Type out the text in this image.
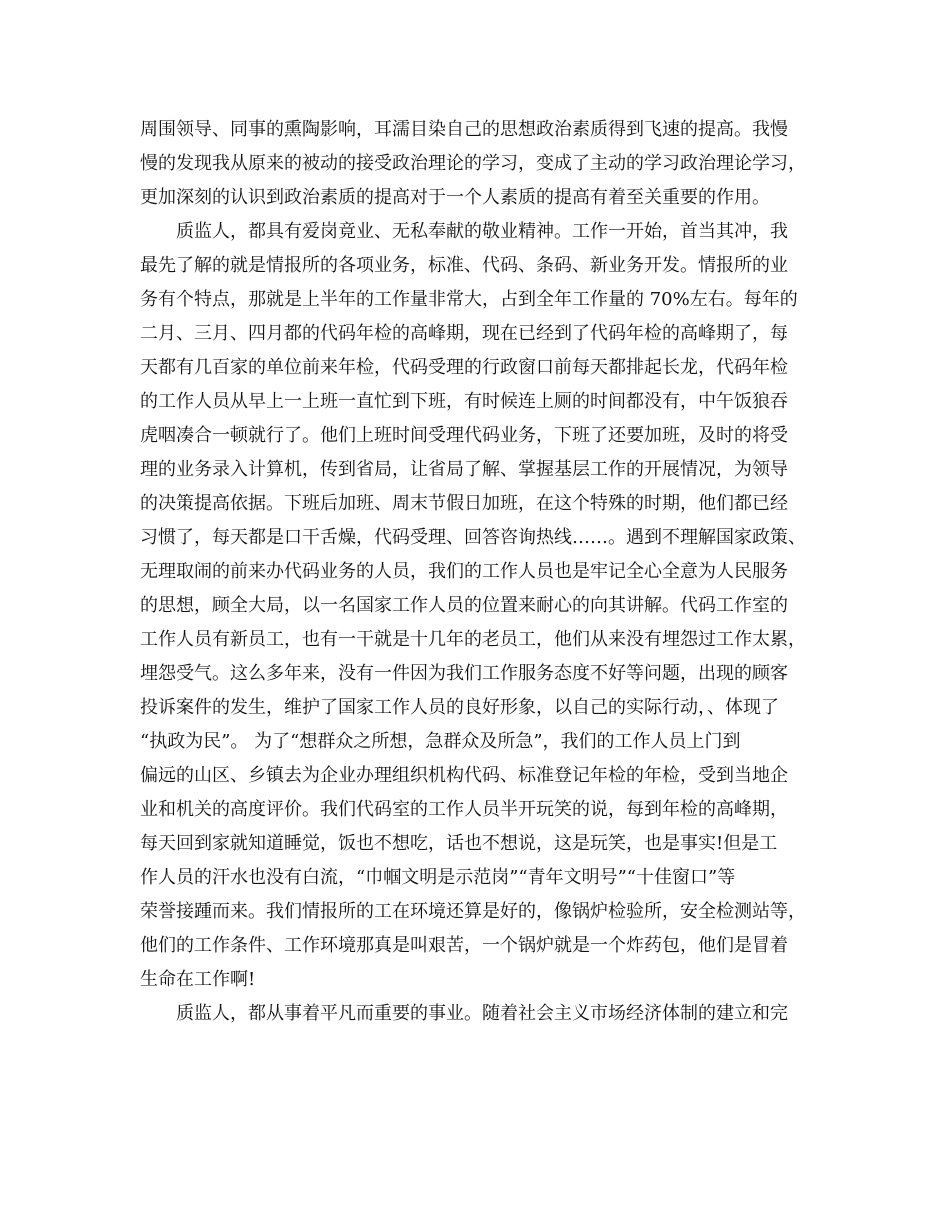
周围领导、同事的熏陶影响，耳濡目染自己的思想政治素质得到飞速的提高。我慢
慢的发现我从原来的被动的接受政治理论的学习，变成了主动的学习政治理论学习，
更加深刻的认识到政治素质的提高对于一个人素质的提高有着至关重要的作用。
质监人，都具有爱岗竟业、无私奉献的敬业精神。工作一开始，首当其冲，我
最先了解的就是情报所的各项业务，标准、代码、条码、新业务开发。情报所的业
务有个特点，那就是上半年的工作量非常大，占到全年工作量的 70%左右。每年的
二月、三月、四月都的代码年检的高峰期，现在已经到了代码年检的高峰期了，每
天都有几百家的单位前来年检，代码受理的行政窗口前每天都排起长龙，代码年检
的工作人员从早上一上班一直忙到下班，有时候连上厕的时间都没有，中午饭狼吞
虎咽凑合一顿就行了。他们上班时间受理代码业务，下班了还要加班，及时的将受
理的业务录入计算机，传到省局，让省局了解、掌握基层工作的开展情况，为领导
的决策提高依据。下班后加班、周末节假日加班，在这个特殊的时期，他们都已经
习惯了，每天都是口干舌燥，代码受理、回答咨询热线……。遇到不理解国家政策、
无理取闹的前来办代码业务的人员，我们的工作人员也是牢记全心全意为人民服务
的思想，顾全大局，以一名国家工作人员的位置来耐心的向其讲解。代码工作室的
工作人员有新员工，也有一干就是十几年的老员工，他们从来没有埋怨过工作太累，
埋怨受气。这么多年来，没有一件因为我们工作服务态度不好等问题，出现的顾客
投诉案件的发生，维护了国家工作人员的良好形象，以自己的实际行动，、体现了
“执政为民”。 为了“想群众之所想，急群众及所急”，我们的工作人员上门到
偏远的山区、乡镇去为企业办理组织机构代码、标准登记年检的年检，受到当地企
业和机关的高度评价。我们代码室的工作人员半开玩笑的说，每到年检的高峰期，
每天回到家就知道睡觉，饭也不想吃，话也不想说，这是玩笑，也是事实!但是工
作人员的汗水也没有白流，“巾帼文明是示范岗”“青年文明号”“十佳窗口”等
荣誉接踵而来。我们情报所的工在环境还算是好的，像锅炉检验所，安全检测站等，
他们的工作条件、工作环境那真是叫艰苦，一个锅炉就是一个炸药包，他们是冒着
生命在工作啊!
质监人，都从事着平凡而重要的事业。随着社会主义市场经济体制的建立和完
